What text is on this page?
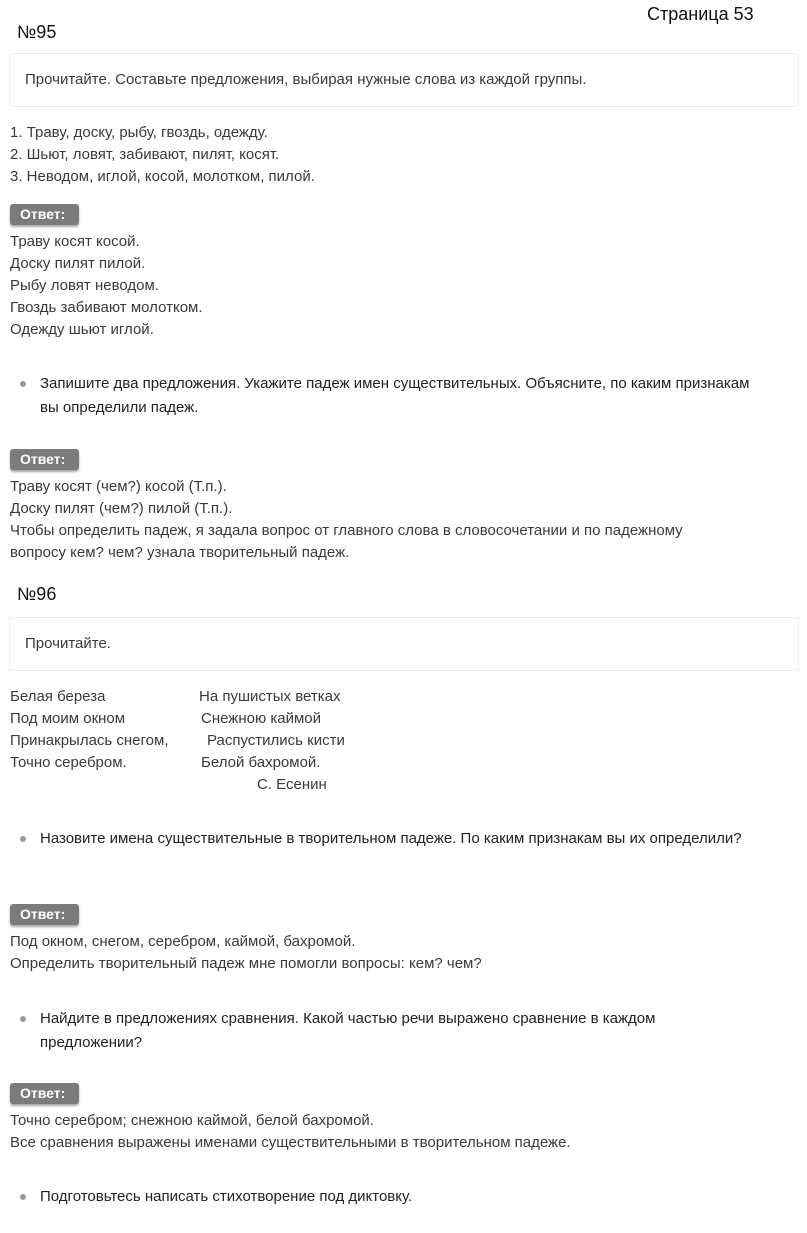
Страница 53
№95
Прочитайте. Составьте предложения, выбирая нужные слова из каждой группы.
1. Траву, доску, рыбу, гвоздь, одежду.
2. Шьют, ловят, забивают, пилят, косят.
3. Неводом, иглой, косой, молотком, пилой.
Ответ:
Траву косят косой.
Доску пилят пилой.
Рыбу ловят неводом.
Гвоздь забивают молотком.
Одежду шьют иглой.
Запишите два предложения. Укажите падеж имен существительных. Объясните, по каким признакам вы определили падеж.
Ответ:
Траву косят (чем?) косой (Т.п.).
Доску пилят (чем?) пилой (Т.п.).
Чтобы определить падеж, я задала вопрос от главного слова в словосочетании и по падежному
вопросу кем? чем? узнала творительный падеж.
№96
Прочитайте.
Белая береза
Под моим окном
Принакрылась снегом,
Точно серебром.
На пушистых ветках
Снежною каймой
Распустились кисти
Белой бахромой.
С. Есенин
Назовите имена существительные в творительном падеже. По каким признакам вы их определили?
Ответ:
Под окном, снегом, серебром, каймой, бахромой.
Определить творительный падеж мне помогли вопросы: кем? чем?
Найдите в предложениях сравнения. Какой частью речи выражено сравнение в каждом предложении?
Ответ:
Точно серебром; снежною каймой, белой бахромой.
Все сравнения выражены именами существительными в творительном падеже.
Подготовьтесь написать стихотворение под диктовку.
